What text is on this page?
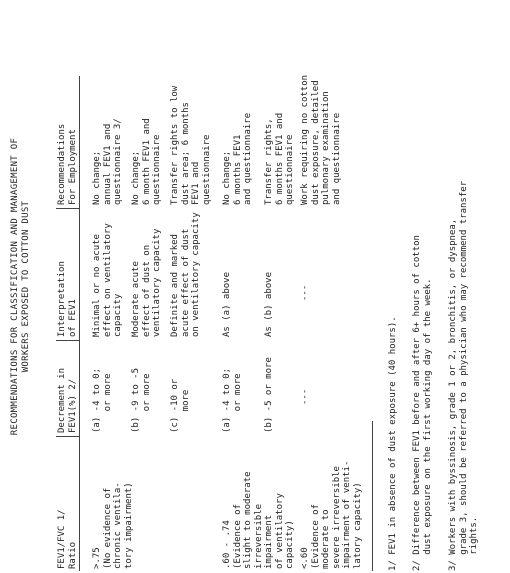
RECOMMENDATIONS FOR CLASSIFICATION AND MANAGEMENT OF WORKERS EXPOSED TO COTTON DUST
FEV1/FVC 1/
Ratio
Decrement in
FEV1(%) 2/
Interpretation
of FEV1
Recommendations
For Employment
>.75
(No evidence of
chronic ventila-
tory impairment)
(a) -4 to 0;
or more
Minimal or no acute
effect on ventilatory
capacity
No change;
annual FEV1 and
questionnaire 3/
(b) -9 to -5
or more
Moderate acute
effect of dust on
ventilatory capacity
No change;
6 month FEV1 and
questionnaire
(c) -10 or
more
Definite and marked
acute effect of dust
on ventilatory capacity
Transfer rights to low
dust area; 6 months
FEV1 and
questionnaire
.60 - .74
(Evidence of
slight to moderate
irreversible
impairment
of ventilatory
capacity)
(a) -4 to 0;
or more
As (a) above
No change;
6 months FEV1
and questionnaire
(b) -5 or more
As (b) above
Transfer rights,
6 months FEV1 and
questionnaire
<.60
(Evidence of
moderate to
severe irreversible
impairment of venti-
latory capacity)
---
---
Work requiring no cotton
dust exposure, detailed
pulmonary examination
and questionnaire
1/ FEV1 in absence of dust exposure (40 hours). 2/ Difference between FEV1 before and after 6+ hours of cotton
dust exposure on the first working day of the week.
3/ Workers with byssinosis, grade 1 or 2, bronchitis, or dyspnea,
grade 3, should be referred to a physician who may recommend transfer
rights.
